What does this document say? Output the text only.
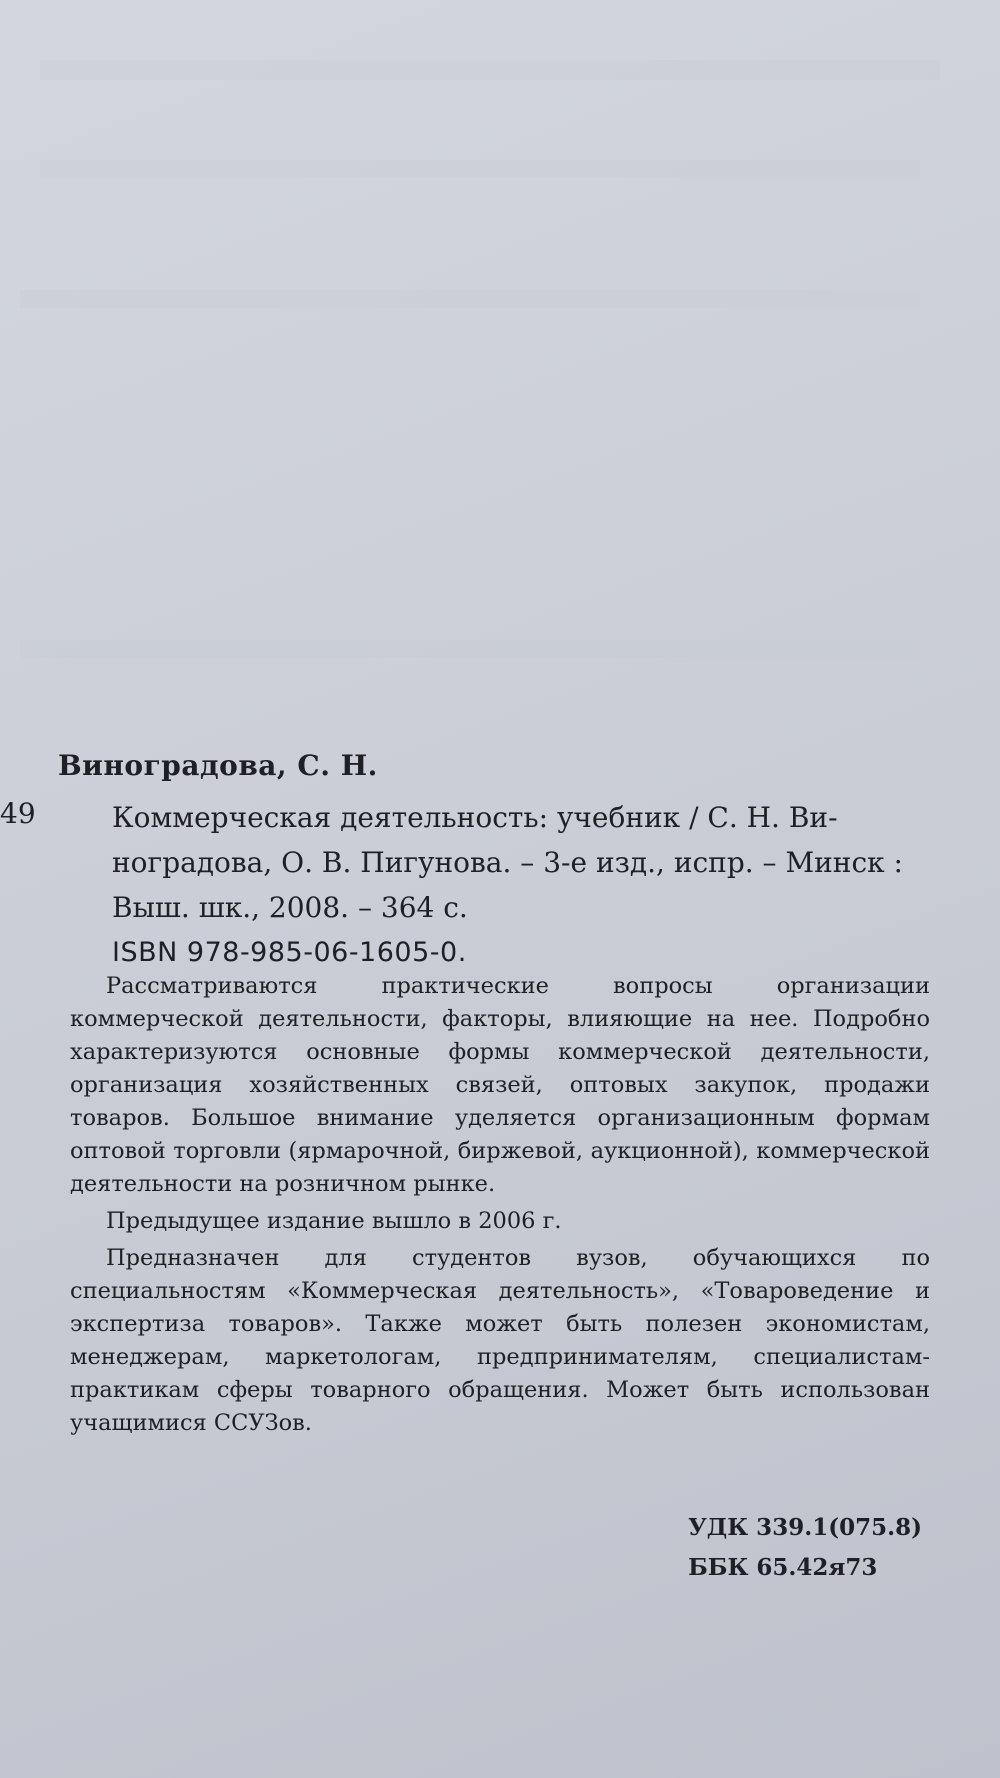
Виноградова, С. Н.
49	Коммерческая деятельность: учебник / С. Н. Ви-
ноградова, О. В. Пигунова. – 3-е изд., испр. – Минск :
Выш. шк., 2008. – 364 с.
ISBN 978-985-06-1605-0.

Рассматриваются практические вопросы организации коммерческой деятельности, факторы, влияющие на нее. Подробно характеризуются основные формы коммерческой деятельности, организация хозяйственных связей, оптовых закупок, продажи товаров. Большое внимание уделяется организационным формам оптовой торговли (ярмарочной, биржевой, аукционной), коммерческой деятельности на розничном рынке.

Предыдущее издание вышло в 2006 г.

Предназначен для студентов вузов, обучающихся по специальностям «Коммерческая деятельность», «Товароведение и экспертиза товаров». Также может быть полезен экономистам, менеджерам, маркетологам, предпринимателям, специалистам-практикам сферы товарного обращения. Может быть использован учащимися ССУЗов.

УДК 339.1(075.8)
ББК 65.42я73
